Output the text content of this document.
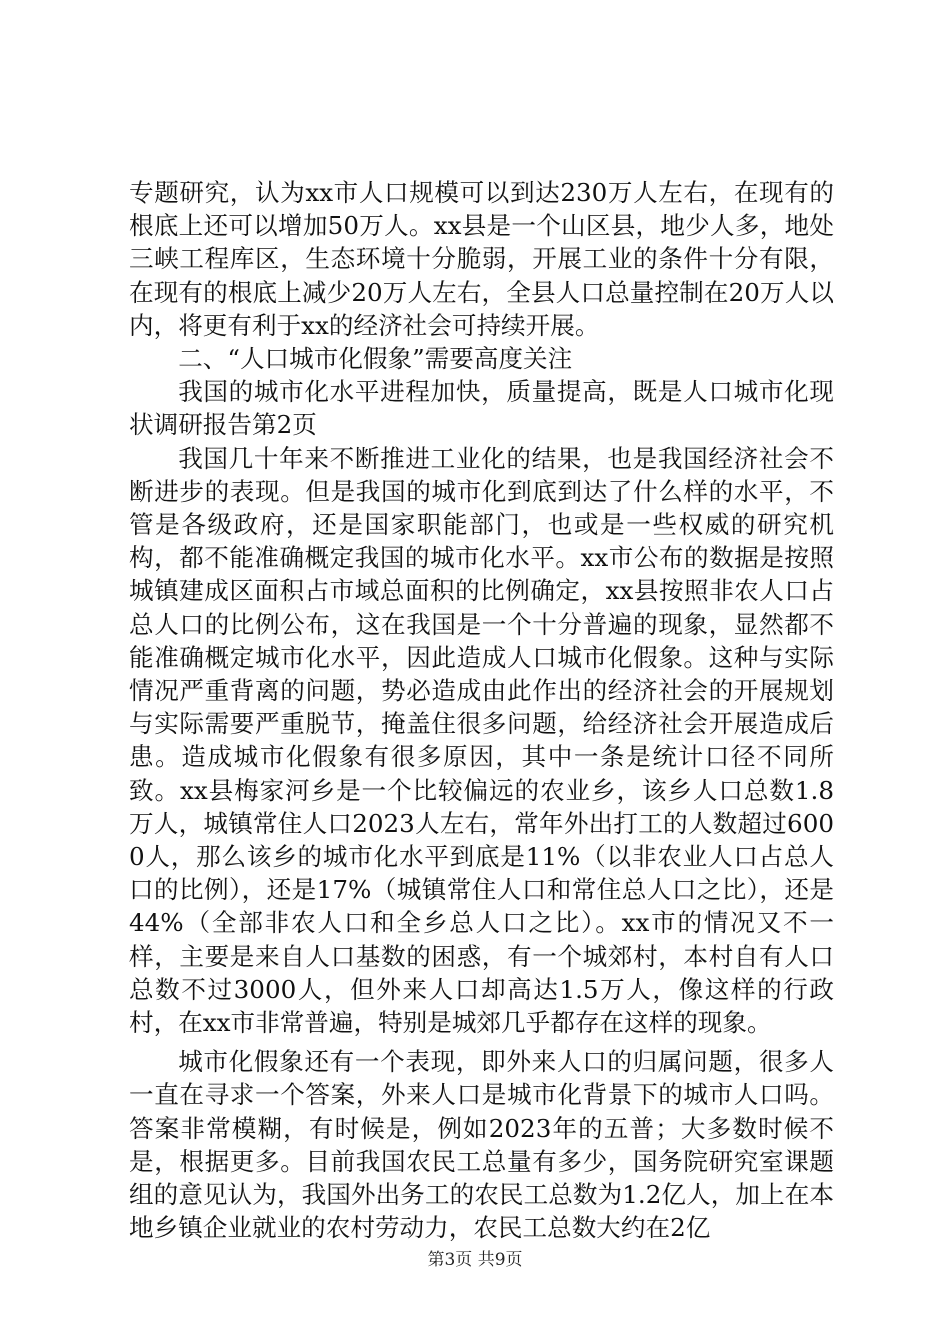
专题研究，认为xx市人口规模可以到达230万人左右，在现有的根底上还可以增加50万人。xx县是一个山区县，地少人多，地处三峡工程库区，生态环境十分脆弱，开展工业的条件十分有限，在现有的根底上减少20万人左右，全县人口总量控制在20万人以内，将更有利于xx的经济社会可持续开展。

二、“人口城市化假象”需要高度关注

我国的城市化水平进程加快，质量提高，既是人口城市化现状调研报告第2页

我国几十年来不断推进工业化的结果，也是我国经济社会不断进步的表现。但是我国的城市化到底到达了什么样的水平，不管是各级政府，还是国家职能部门，也或是一些权威的研究机构，都不能准确概定我国的城市化水平。xx市公布的数据是按照城镇建成区面积占市域总面积的比例确定，xx县按照非农人口占总人口的比例公布，这在我国是一个十分普遍的现象，显然都不能准确概定城市化水平，因此造成人口城市化假象。这种与实际情况严重背离的问题，势必造成由此作出的经济社会的开展规划与实际需要严重脱节，掩盖住很多问题，给经济社会开展造成后患。造成城市化假象有很多原因，其中一条是统计口径不同所致。xx县梅家河乡是一个比较偏远的农业乡，该乡人口总数1.8万人，城镇常住人口2023人左右，常年外出打工的人数超过6000人，那么该乡的城市化水平到底是11%（以非农业人口占总人口的比例），还是17%（城镇常住人口和常住总人口之比），还是44%（全部非农人口和全乡总人口之比）。xx市的情况又不一样，主要是来自人口基数的困惑，有一个城郊村，本村自有人口总数不过3000人，但外来人口却高达1.5万人，像这样的行政村，在xx市非常普遍，特别是城郊几乎都存在这样的现象。

城市化假象还有一个表现，即外来人口的归属问题，很多人一直在寻求一个答案，外来人口是城市化背景下的城市人口吗。答案非常模糊，有时候是，例如2023年的五普；大多数时候不是，根据更多。目前我国农民工总量有多少，国务院研究室课题组的意见认为，我国外出务工的农民工总数为1.2亿人，加上在本地乡镇企业就业的农村劳动力，农民工总数大约在2亿

第3页 共9页
